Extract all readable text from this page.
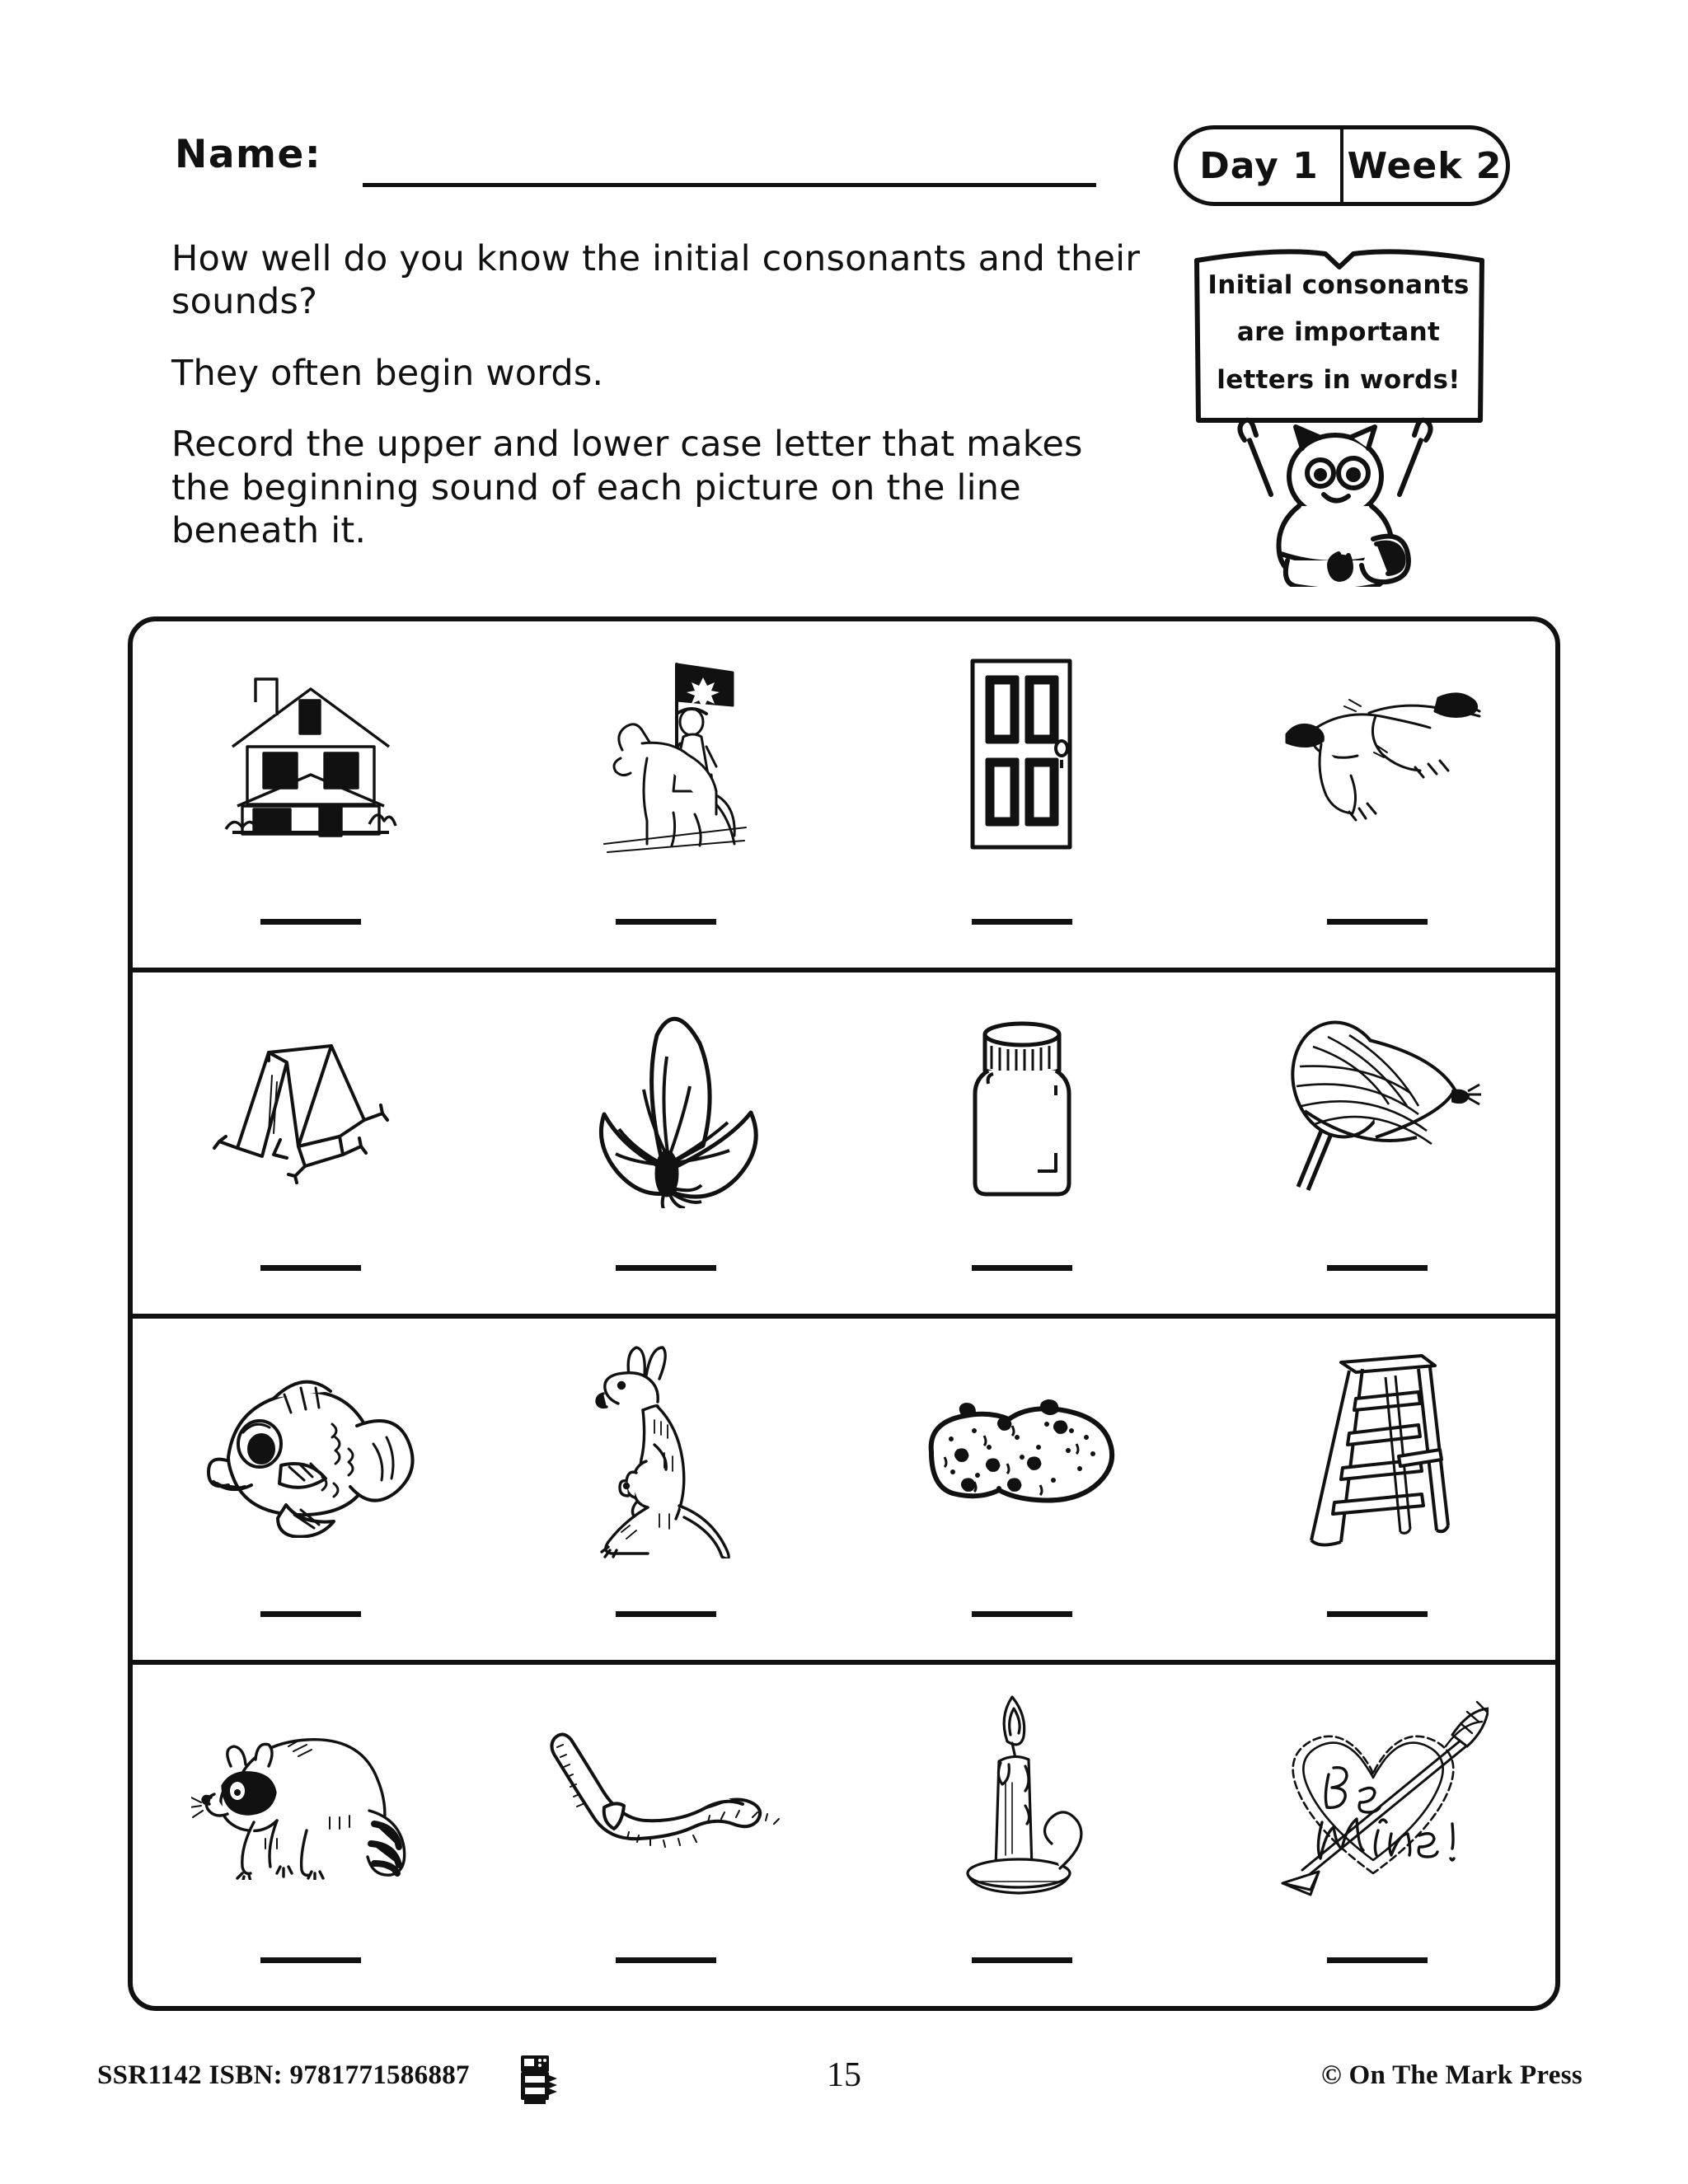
Name:	Day 1 Week 2

How well do you know the initial consonants and their sounds?

They often begin words.

Record the upper and lower case letter that makes the beginning sound of each picture on the line beneath it.

Initial consonants
are important
letters in words!
SSR1142 ISBN: 9781771586887	15	© On The Mark Press
